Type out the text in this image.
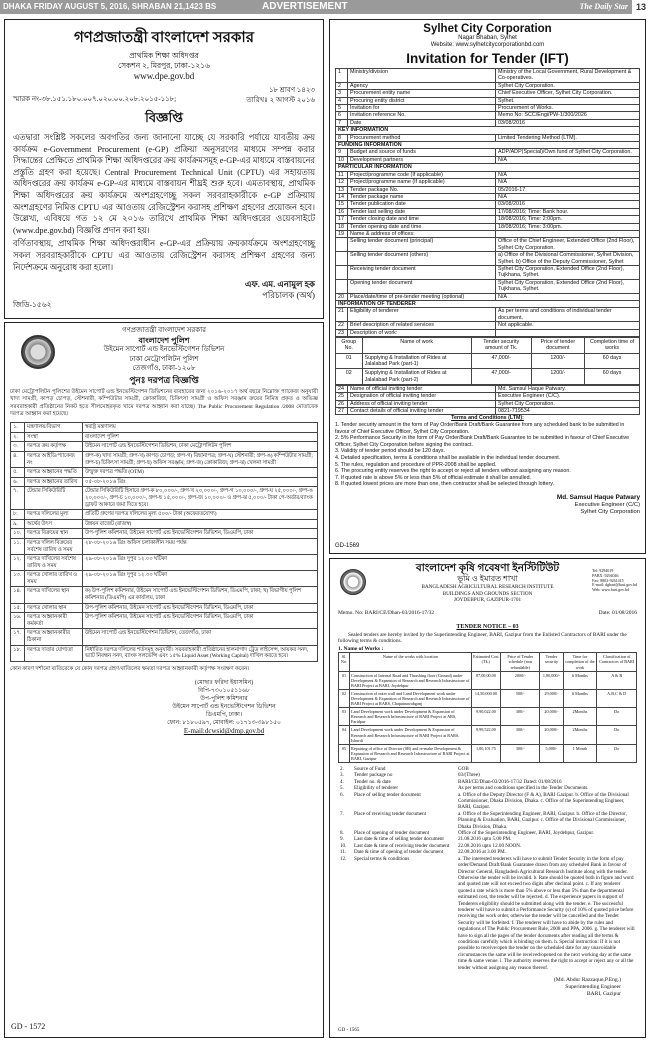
DHAKA FRIDAY AUGUST 5, 2016, SHRABAN 21,1423 BS	ADVERTISEMENT	The Daily Star 13
গণপ্রজাতন্ত্রী বাংলাদেশ সরকার
প্রাথমিক শিক্ষা অধিদপ্তর
সেকশন ২, মিরপুর, ঢাকা-১২১৬
www.dpe.gov.bd
স্মারক নং-৩৮.১৫১.১৮০.০০৭.০২০.০০.২০৮.২০১৫-১১৮;
১৮ শ্রাবণ ১৪২৩
তারিখঃ ২ আগস্ট ২০১৬
বিজ্ঞপ্তি

এতদ্বারা সংশ্লিষ্ট সকলের অবগতির জন্য জানানো যাচ্ছে যে সরকারি পর্যায়ে যাবতীয় ক্রয় কার্যক্রম e-Government Procurement (e-GP) প্রক্রিয়া অনুসরণের মাধ্যমে সম্পন্ন করার সিদ্ধান্তের প্রেক্ষিতে প্রাথমিক শিক্ষা অধিদপ্তরের ক্রয় কার্যক্রমসমূহ e-GP-এর মাধ্যমে বাস্তবায়নের প্রস্তুতি গ্রহণ করা হয়েছে। Central Procurement Technical Unit (CPTU) এর সহায়তায় অধিদপ্তরের ক্রয় কার্যক্রম e-GP-এর মাধ্যমে বাস্তবায়ন শীঘ্রই শুরু হবে। এমতাবস্থায়, প্রাথমিক শিক্ষা অধিদপ্তরের ক্রয় কার্যক্রমে অংশগ্রহণেচ্ছু সকল সরবরাহকারীকে e-GP প্রক্রিয়ায় অংশগ্রহণের নিমিত্ত CPTU এর আওতায় রেজিস্ট্রেশন করাসহ প্রশিক্ষণ গ্রহণের প্রয়োজন হবে। উল্লেখ্য, এবিষয়ে গত ১২ মে ২০১৬ তারিখে প্রাথমিক শিক্ষা অধিদপ্তরের ওয়েবসাইটে (www.dpe.gov.bd) বিজ্ঞপ্তি প্রদান করা হয়।

বর্ণিতাবস্থায়, প্রাথমিক শিক্ষা অধিদপ্তরাধীন e-GP-এর প্রক্রিয়ায় ক্রয়কার্যক্রমে অংশগ্রহণেচ্ছু সকল সরবরাহকারীকে CPTU এর আওতায় রেজিস্ট্রেশন করাসহ প্রশিক্ষণ গ্রহণের জন্য নির্দেশক্রমে অনুরোধ করা হলো।

এফ. এম. এনামুল হক
পরিচালক (অর্থ)
জিডি-১৫৬২
গণপ্রজাতন্ত্রী বাংলাদেশ সরকার
বাংলাদেশ পুলিশ
উইমেন সাপোর্ট এন্ড ইনভেস্টিগেশন ডিভিশন
ঢাকা মেট্রোপলিটন পুলিশ
তেজগাঁও, ঢাকা-১২০৮
পুনঃ দরপত্র বিজ্ঞপ্তি

ঢাকা মেট্রোপলিটন পুলিশের উইমেন সাপোর্ট এন্ড ইনভেস্টিগেশন ডিভিশনের ব্যবহারের জন্য ২০১৬-২০১৭ অর্থ বছরে নিম্নোক্ত প্যাকেজ অনুযায়ী খাদ্য সামগ্রী, কাপড় চোপড়, স্টেশনারী, কম্পিউটার সামগ্রী, ক্রোকারিজ, চিকিৎসা সামগ্রী ও অফিস সরঞ্জাম ক্রয়ের নিমিত্ত প্রকৃত ও অভিজ্ঞ সরবরাহকারী প্রতিষ্ঠানের নিকট হতে সীলমোহরকৃত খামে দরপত্র আহ্বান করা যাচ্ছে। The Public Procurement Regulation /2008 মোতাবেক দরপত্র আহ্বান করা হয়েছে।

১.	মন্ত্রণালয়/বিভাগ	স্বরাষ্ট্র মন্ত্রণালয়
২.	সংস্থা	বাংলাদেশ পুলিশ
৩.	দরপত্র ক্রয় কর্তৃপক্ষ	উইমেন সাপোর্ট এন্ড ইনভেস্টিগেশন ডিভিশন, ঢাকা মেট্রোপলিটন পুলিশ
৪.	দরপত্র আইডি/প্যাকেজ নং	গ্রুপ-ক) খাদ্য সামগ্রী; গ্রুপ-খ) কাপড় চোপড়; গ্রুপ-গ) বিছানাপত্র; গ্রুপ-ঘ) স্টেশনারী; গ্রুপ-ঙ) কম্পিউটার সামগ্রী; গ্রুপ-চ) চিকিৎসা সামগ্রী; গ্রুপ-ছ) অফিস সরঞ্জাম; গ্রুপ-জ) ক্রোকারিজ; গ্রুপ-ঝ) খেলনা সামগ্রী
৫.	দরপত্র আহ্বানের পদ্ধতি	উন্মুক্ত দরপত্র পদ্ধতি (OTM)
৬.	দরপত্র আহ্বানের তারিখ	০৫-০৮-২০১৬ খ্রিঃ
৭.	টেন্ডার সিকিউরিটি	টেন্ডার সিকিউরিটি হিসাবে গ্রুপ-ক ৮০,০০০/-, গ্রুপ-খ ২০,০০০/-, গ্রুপ-গ ১০,০০০/-, গ্রুপ-ঘ ২৫,০০০/-, গ্রুপ-ঙ ২০,০০০/-, গ্রুপ-চ ১০,০০০/-, গ্রুপ-ছ ১৫,০০০/-, গ্রুপ-জ ১০,০০০/- ও গ্রুপ-ঝ ৫,০০০/- টাকা পে-অর্ডার/ব্যাংক ড্রাফট আকারে জমা দিতে হবে।
৮.	দরপত্র দলিলের মূল্য	প্রতিটি গ্রুপের দরপত্র দলিলের মূল্য ৫০০/- টাকা (অফেরতযোগ্য)
৯.	অর্থের উৎস	উন্নয়ন বাজেট (রাজস্ব)
১০.	দরপত্র বিক্রয়ের স্থান	উপ-পুলিশ কমিশনার, উইমেন সাপোর্ট এন্ড ইনভেস্টিগেশন ডিভিশন, ডিএমপি, ঢাকা
১১.	দরপত্র দলিল বিক্রয়ের সর্বশেষ তারিখ ও সময়	২৮-০৮-২০১৬ খ্রিঃ অফিস চলাকালীন সময় পর্যন্ত
১২.	দরপত্র দাখিলের সর্বশেষ তারিখ ও সময়	২৯-০৮-২০১৬ খ্রিঃ দুপুর ১২.০০ ঘটিকা
১৩.	দরপত্র খোলার তারিখ ও সময়	২৯-০৮-২০১৬ খ্রিঃ দুপুর ১২.৩০ ঘটিকা
১৪.	দরপত্র দাখিলের স্থান	ক) উপ-পুলিশ কমিশনার, উইমেন সাপোর্ট এন্ড ইনভেস্টিগেশন ডিভিশন, ডিএমপি, ঢাকা; খ) বিভাগীয় পুলিশ কমিশনার (ডিএমপি) এর কার্যালয়, ঢাকা
১৫.	দরপত্র খোলার স্থান	উপ-পুলিশ কমিশনার, উইমেন সাপোর্ট এন্ড ইনভেস্টিগেশন ডিভিশন, ডিএমপি, ঢাকা
১৬.	দরপত্র আহ্বানকারী কর্মকর্তা	উপ-পুলিশ কমিশনার, উইমেন সাপোর্ট এন্ড ইনভেস্টিগেশন ডিভিশন, ডিএমপি, ঢাকা
১৭.	দরপত্র আহ্বানকারীর ঠিকানা	উইমেন সাপোর্ট এন্ড ইনভেস্টিগেশন ডিভিশন, তেজগাঁও, ঢাকা
১৮.	দরপত্র দাতার যোগ্যতা	নির্ধারিত দরপত্র দলিলের শর্তসমূহ অনুযায়ী। সরবরাহকারী প্রতিষ্ঠানের হালনাগাদ ট্রেড লাইসেন্স, আয়কর সনদ, ভ্যাট নিবন্ধন সনদ, ব্যাংক সলভেন্সি এবং ১৫% Liquid Asset (Working Capital) দাখিল করতে হবে।

কোন কারণ দর্শানো ব্যতিরেকে যে কোন দরপত্র গ্রহণ/বাতিলের ক্ষমতা দরপত্র আহ্বানকারী কর্তৃপক্ষ সংরক্ষণ করেন।

(মোছাঃ ফরিদা ইয়াসমিন)
বিপি-৭৩০১০৫১১৬৮
উপ-পুলিশ কমিশনার
উইমেন সাপোর্ট এন্ড ইনভেস্টিগেশন ডিভিশন
ডিএমপি, ঢাকা।
ফোন: ৮১৮০৫৯৭, মোবাইল: ০১৭১৩-৩৯৮১৫০
E-mail:dcwsid@dmp.gov.bd
GD - 1572
Sylhet City Corporation
Nagar Bhaban, Sylhet
Website: www.sylhetcitycorporationbd.com
Invitation for Tender (IFT)
1	Ministry/division	Ministry of the Local Government, Rural Development & Co-operatives.
2	Agency	Sylhet City Corporation.
3	Procurement entity name	Chief Executive Officer, Sylhet City Corporation.
4	Procuring entity district	Sylhet.
5	Invitation for	Procurement of Works.
6	Invitation reference No.	Memo No: SCC/Engi/PW-1/300/2026
7	Date	03/08/2016
KEY INFORMATION		
8	Procurement method	Limited Tendering Method (LTM).
FUNDING INFORMATION		
9	Budget and source of funds	ADP/ADP(Special)/Own fund of Sylhet City Corporation.
10	Development partners	N/A
PARTICULAR INFORMATION		
11	Project/programme code (If applicable)	N/A
12	Project/programme name (If applicable)	N/A
13	Tender package No.	05/2016-17
14	Tender package name	N/A
15	Tender publication date	03/08/2016
16	Tender last selling date	17/08/2016; Time: Bank hour.
17	Tender closing date and time	18/08/2016; Time: 2:00pm.
18	Tender opening date and time	18/08/2016; Time: 3:00pm.
19	Name & address of offices:	
	Selling tender document (principal)	Office of the Chief Engineer, Extended Office (2nd Floor), Sylhet City Corporation.
	Selling tender document (others)	a) Office of the Divisional Commissioner, Sylhet Division, Sylhet. b) Office of the Deputy Commissioner, Sylhet
	Receiving tender document	Sylhet City Corporation, Extended Office (2nd Floor), Tujkhana, Sylhet.
	Opening tender document	Sylhet City Corporation, Extended Office (2nd Floor), Tujkhana, Sylhet.
20	Place/date/time of pre-tender meeting (optional)	N/A
INFORMATION OF TENDERER		
21	Eligibility of tenderer	As per terms and conditions of individual tender document.
22	Brief description of related services	Not applicable.
23	Description of work:	
Group No.	Name of work	Tender security amount of Tk.	Price of tender document	Completion time of works
01	Supplying & Installation of Rides at Jalalabad Park (part-1)	47,000/-	1200/-	60 days
02	Supplying & Installation of Rides at Jalalabad Park (part-2)	47,000/-	1200/-	60 days
24	Name of official inviting tender	Md. Samsul Haque Patwary.
25	Designation of official inviting tender	Executive Engineer (C/C).
26	Address of official inviting tender	Sylhet City Corporation.
27	Contact details of official inviting tender	0821-719534
Terms and Conditions (LTM):
1. Tender security amount in the form of Pay Order/Bank Draft/Bank Guarantee from any scheduled bank to be submitted in favour of Chief Executive Officer, Sylhet City Corporation.
2. 5% Performance Security in the form of Pay Order/Bank Draft/Bank Guarantee to be submitted in favour of Chief Executive Officer, Sylhet City Corporation before signing the contract.
3. Validity of tender period should be 120 days.
4. Detailed specification, terms & conditions shall be available in the individual tender document.
5. The rules, regulation and procedure of PPR-2008 shall be applied.
6. The procuring entity reserves the right to accept or reject all tenders without assigning any reason.
7. If quoted rate is above 5% or less than 5% of official estimate it shall be annulled.
8. If quoted lowest prices are more than one, then contractor shall be selected through lottery.
Md. Samsul Haque Patwary
Executive Engineer (C/C)
Sylhet City Corporation
GD-1569
Tel: 9294019
PABX: 9294046
Fax: 8802-9261415
E-mail: dgbari@bari.gov.bd
Web: www.bari.gov.bd
বাংলাদেশ কৃষি গবেষণা ইনস্টিটিউট
ভূমি ও ইমারত শাখা
BANGLADESH AGRICULTURAL RESEARCH INSTITUTE
BUILDINGS AND GROUNDS SECTION
JOYDEBPUR, GAZIPUR-1701
Memo. No: BARI/CE/Dhan-03/2016-17/32	Date: 01/08/2016
TENDER NOTICE – 03

Sealed tenders are hereby invited by the Superintending Engineer, BARI, Gazipur from the Enlisted Contractors of BARI under the following terms & conditions.

1. Name of Works :
Sl. No.	Name of the works with location	Estimated Cost (Tk.)	Price of Tender schedule (non refundable)	Tender security	Time for completion of the work	Classification of Contractors of BARI
01	Construction of Internal Road and Thrashing floor (Ground) under Development & Expansion of Research and Research Infrastructure of BARI Project at BARI, Joydebpur	87,00,00.00	2000/-	1,80,000/-	6 Months	A & B
02	Construction of outer wall and Land Development work under Development & Expansion of Research and Research Infrastructure of BARI Project at RARS, Chapainawabganj	14,50,000.00	500/-	29,000/-	6 Months	A,B,C & D
03	Land Development work under Development & Expansion of Research and Research Infrastructure of BARI Project at ARS, Faridpur	9,90,022.00	300/-	20,000/-	2Months	Do
04	Land Development work under Development & Expansion of Research and Research Infrastructure of BARI Project at RARS, Ishurdi	9,99,522.00	300/-	20,000/-	2Months	Do
05	Repairing of office of Director (SR) and re-make Development & Expansion of Research and Research Infrastructure of BARI Project at BARI, Gazipur	1,00,101.75	300/-	5,000/-	1 Month	Do
2.	Source of Fund	GOB
3.	Tender package no	03/(Three)
4.	Tender no. & date	BARI/CE/Dhan-03/2016-17/32 Dated: 01/08/2016
5.	Eligibility of tenderer	As per terms and conditions specified in the Tender Documents.
6.	Place of selling tender document	a. Office of the Deputy Director (F & A), BARI Gazipur. b. Office of the Divisional Commissioner, Dhaka Division, Dhaka. c. Office of the Superintending Engineer, BARI, Gazipur.
7.	Place of receiving tender document	a. Office of the Superintending Engineer, BARI, Gazipur. b. Office of the Director, Planning & Evaluation, BARI, Gazipur. c. Office of the Divisional Commissioner, Dhaka Division, Dhaka.
8.	Place of opening of tender document	Office of the Superintending Engineer, BARI, Joydebpur, Gazipur.
9.	Last date & time of selling tender document	21.08.2016 upto 5.00 PM.
10.	Last date & time of receiving tender document	22.08.2016 upto 12.00 NOON.
11.	Date & time of opening of tender document	22.08.2016 at 3.00 PM.
12.	Special terms & conditions	a. The interested tenderers will have to submit Tender Security in the form of pay order/Demand Draft/Bank Guarantee drawn from any scheduled Bank in favour of Director General, Bangladesh Agricultural Research Institute along with the tender. Otherwise the tender will be invalid. b. Rate should be quoted both in figure and word and quoted rate will not exceed two digits after decimal point. c. If any tenderer quoted a rate which is more than 5% above or less than 5% than the departmental estimated cost, the tender will be rejected. d. The experience papers in support of Tenderers eligibility should be submitted along with the tender. e. The successful tenderer will have to submit a Performance Security (s) of 10% of quoted price before receiving the work order, otherwise the tender will be cancelled and the Tender Security will be forfeited. f. The tenderer will have to abide by the rules and regulations of The Public Procurement Rule, 2008 and PPA, 2006. g. The tenderer will have to sign all the pages of the tender documents after reading all the terms & conditions carefully which is binding on them. h. Special instruction: If it is not possible to receive/open the tender on the scheduled date for any unavoidable circumstances the same will be received/opened on the next working day at the same time & same venue. i. The authority reserves the right to accept or reject any or all the tender without assigning any reason thereof.
(Md. Abdur Razzaque,P.Eng.)
Superintending Engineer
BARI, Gazipur
GD - 1565
